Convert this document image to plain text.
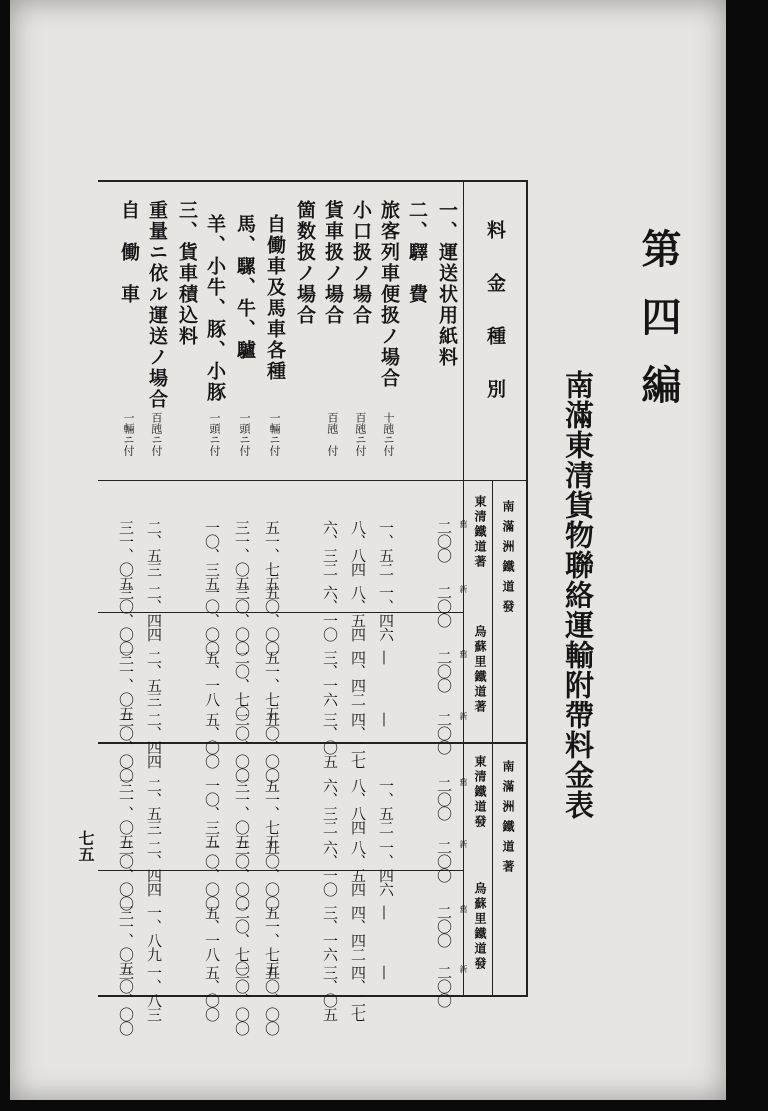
第四編
南滿東清貨物聯絡運輸附帶料金表
料金種別
南滿洲鐵道發
東清鐵道著
烏蘇里鐵道著
南滿洲鐵道著
東清鐵道發
烏蘇里鐵道發
一、運送状用紙料
二〇〇
二〇〇
二〇〇
二〇〇
二〇〇
二〇〇
二〇〇
二〇〇
二、驛　費
旅客列車便扱ノ場合
十瓲ニ付
一、五二
一、四六
—
—
一、五二
一、四六
—
—
小口扱ノ場合
百瓲ニ付
八、八四
八、五四
四、四二
四、二七
八、八四
八、五四
四、四二
四、二七
貨車扱ノ場合
百瓲　付
六、三二
六、一〇
三、一六
三、〇五
六、三二
六、一〇
三、一六
三、〇五
箇数扱ノ場合
自働車及馬車各種
一輛ニ付
五一、七五
五〇、〇〇
五一、七五
五〇、〇〇
五一、七五
五〇、〇〇
五一、七五
五〇、〇〇
馬、騾、牛、驢
一頭ニ付
三一、〇五
三〇、〇〇
二〇、七〇
二〇、〇〇
三一、〇五
三〇、〇〇
二〇、七〇
二〇、〇〇
羊、小牛、豚、小豚
一頭ニ付
一〇、三五
一〇、〇〇
五、一八
五、〇〇
一〇、三五
一〇、〇〇
五、一八
五、〇〇
三、貨車積込料
重量ニ依ル運送ノ場合
百瓲ニ付
二、五三
二、四四
二、五三
二、四四
二、五三
二、四四
一、八九
一、八三
自　働　車
一輛ニ付
三一、〇五
三〇、〇〇
三一、〇五
三〇、〇〇
三一、〇五
三〇、〇〇
三一、〇五
三〇、〇〇
舊
新
舊
新
舊
新
舊
新
七五
